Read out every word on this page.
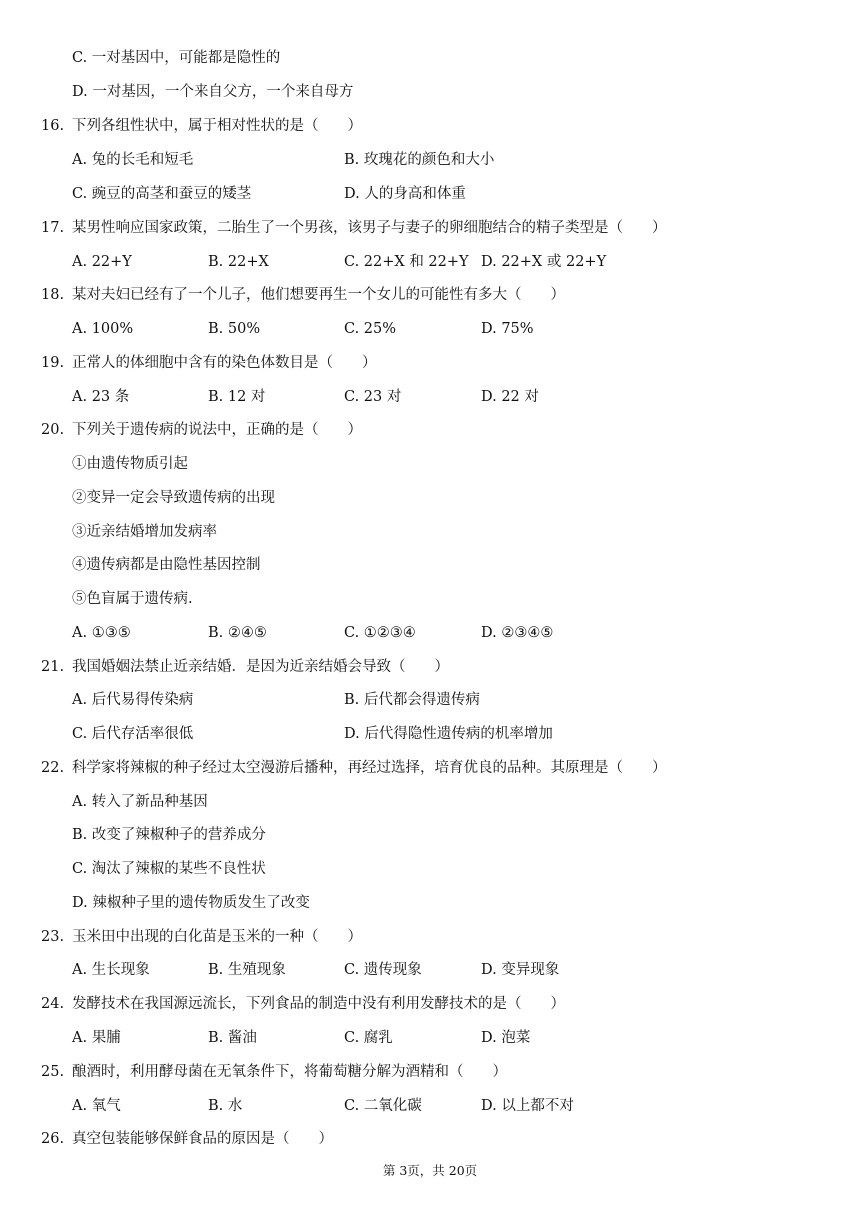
C. 一对基因中，可能都是隐性的
D. 一对基因，一个来自父方，一个来自母方
16. 下列各组性状中，属于相对性状的是（　　）
A. 兔的长毛和短毛	B. 玫瑰花的颜色和大小
C. 豌豆的高茎和蚕豆的矮茎	D. 人的身高和体重
17. 某男性响应国家政策，二胎生了一个男孩，该男子与妻子的卵细胞结合的精子类型是（　　）
A. 22+Y	B. 22+X	C. 22+X 和 22+Y D. 22+X 或 22+Y
18. 某对夫妇已经有了一个儿子，他们想要再生一个女儿的可能性有多大（　　）
A. 100%	B. 50%	C. 25%	D. 75%
19. 正常人的体细胞中含有的染色体数目是（　　）
A. 23 条	B. 12 对	C. 23 对	D. 22 对
20. 下列关于遗传病的说法中，正确的是（　　）
①由遗传物质引起
②变异一定会导致遗传病的出现
③近亲结婚增加发病率
④遗传病都是由隐性基因控制
⑤色盲属于遗传病.
A. ①③⑤	B. ②④⑤	C. ①②③④	D. ②③④⑤
21. 我国婚姻法禁止近亲结婚．是因为近亲结婚会导致（　　）
A. 后代易得传染病	B. 后代都会得遗传病
C. 后代存活率很低	D. 后代得隐性遗传病的机率增加
22. 科学家将辣椒的种子经过太空漫游后播种，再经过选择，培育优良的品种。其原理是（　　）
A. 转入了新品种基因
B. 改变了辣椒种子的营养成分
C. 淘汰了辣椒的某些不良性状
D. 辣椒种子里的遗传物质发生了改变
23. 玉米田中出现的白化苗是玉米的一种（　　）
A. 生长现象	B. 生殖现象	C. 遗传现象	D. 变异现象
24. 发酵技术在我国源远流长，下列食品的制造中没有利用发酵技术的是（　　）
A. 果脯	B. 酱油	C. 腐乳	D. 泡菜
25. 酿酒时，利用酵母菌在无氧条件下，将葡萄糖分解为酒精和（　　）
A. 氧气	B. 水	C. 二氧化碳	D. 以上都不对
26. 真空包装能够保鲜食品的原因是（　　）
第 3页，共 20页
